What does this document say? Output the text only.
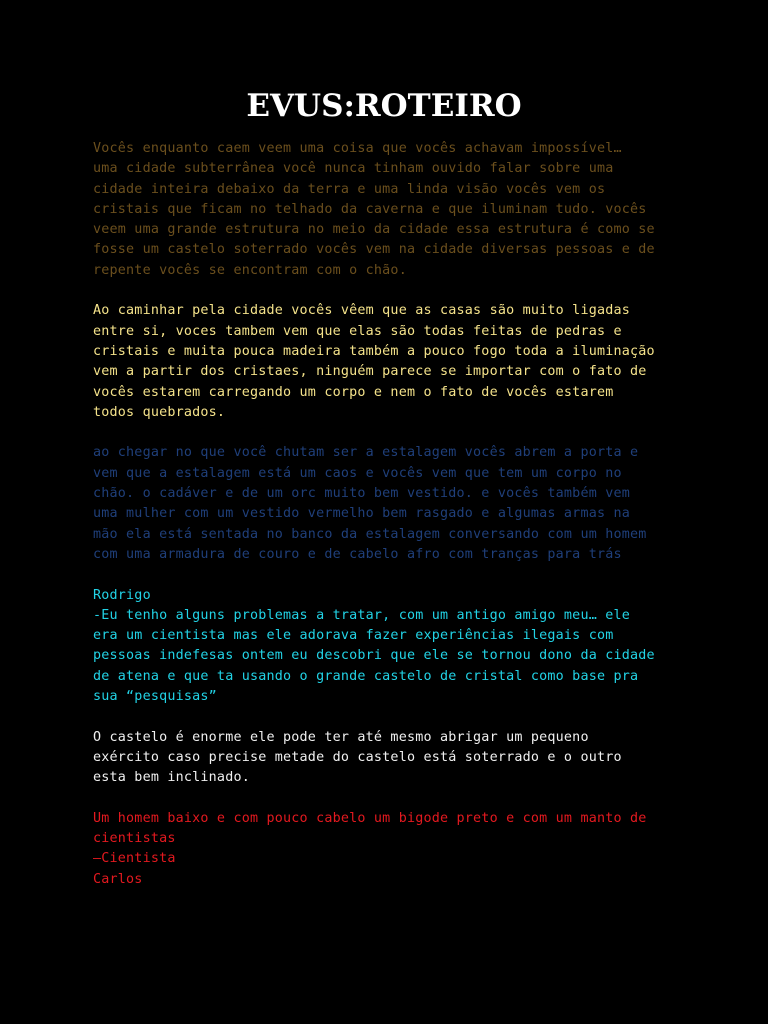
EVUS:ROTEIRO
Vocês enquanto caem veem uma coisa que vocês achavam impossível…
uma cidade subterrânea você nunca tinham ouvido falar sobre uma
cidade inteira debaixo da terra e uma linda visão vocês vem os
cristais que ficam no telhado da caverna e que iluminam tudo. vocês
veem uma grande estrutura no meio da cidade essa estrutura é como se
fosse um castelo soterrado vocês vem na cidade diversas pessoas e de
repente vocês se encontram com o chão.
Ao caminhar pela cidade vocês vêem que as casas são muito ligadas
entre si, voces tambem vem que elas são todas feitas de pedras e
cristais e muita pouca madeira também a pouco fogo toda a iluminação
vem a partir dos cristaes, ninguém parece se importar com o fato de
vocês estarem carregando um corpo e nem o fato de vocês estarem
todos quebrados.
ao chegar no que você chutam ser a estalagem vocês abrem a porta e
vem que a estalagem está um caos e vocês vem que tem um corpo no
chão. o cadáver e de um orc muito bem vestido. e vocês também vem
uma mulher com um vestido vermelho bem rasgado e algumas armas na
mão ela está sentada no banco da estalagem conversando com um homem
com uma armadura de couro e de cabelo afro com tranças para trás
Rodrigo
-Eu tenho alguns problemas a tratar, com um antigo amigo meu… ele
era um cientista mas ele adorava fazer experiências ilegais com
pessoas indefesas ontem eu descobri que ele se tornou dono da cidade
de atena e que ta usando o grande castelo de cristal como base pra
sua “pesquisas”
O castelo é enorme ele pode ter até mesmo abrigar um pequeno
exército caso precise metade do castelo está soterrado e o outro
esta bem inclinado.
Um homem baixo e com pouco cabelo um bigode preto e com um manto de
cientistas
—Cientista
Carlos
